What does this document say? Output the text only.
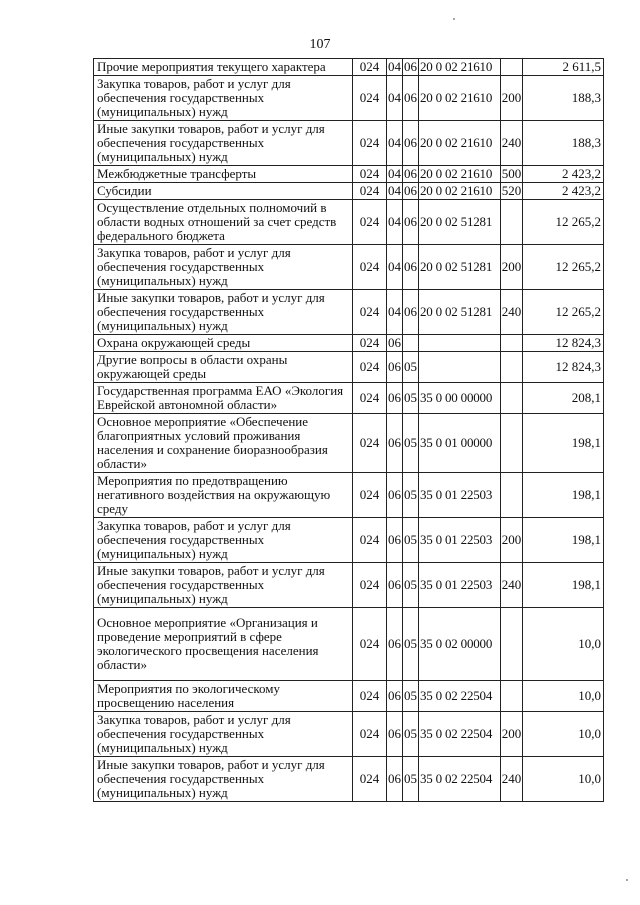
107
Прочие мероприятия текущего характера	024	04	06	20 0 02 21610		2 611,5
Закупка товаров, работ и услуг для обеспечения государственных (муниципальных) нужд	024	04	06	20 0 02 21610	200	188,3
Иные закупки товаров, работ и услуг для обеспечения государственных (муниципальных) нужд	024	04	06	20 0 02 21610	240	188,3
Межбюджетные трансферты	024	04	06	20 0 02 21610	500	2 423,2
Субсидии	024	04	06	20 0 02 21610	520	2 423,2
Осуществление отдельных полномочий в области водных отношений за счет средств федерального бюджета	024	04	06	20 0 02 51281		12 265,2
Закупка товаров, работ и услуг для обеспечения государственных (муниципальных) нужд	024	04	06	20 0 02 51281	200	12 265,2
Иные закупки товаров, работ и услуг для обеспечения государственных (муниципальных) нужд	024	04	06	20 0 02 51281	240	12 265,2
Охрана окружающей среды	024	06				12 824,3
Другие вопросы в области охраны окружающей среды	024	06	05			12 824,3
Государственная программа ЕАО «Экология Еврейской автономной области»	024	06	05	35 0 00 00000		208,1
Основное мероприятие «Обеспечение благоприятных условий проживания населения и сохранение биоразнообразия области»	024	06	05	35 0 01 00000		198,1
Мероприятия по предотвращению негативного воздействия на окружающую среду	024	06	05	35 0 01 22503		198,1
Закупка товаров, работ и услуг для обеспечения государственных (муниципальных) нужд	024	06	05	35 0 01 22503	200	198,1
Иные закупки товаров, работ и услуг для обеспечения государственных (муниципальных) нужд	024	06	05	35 0 01 22503	240	198,1
Основное мероприятие «Организация и проведение мероприятий в сфере экологического просвещения населения области»	024	06	05	35 0 02 00000		10,0
Мероприятия по экологическому просвещению населения	024	06	05	35 0 02 22504		10,0
Закупка товаров, работ и услуг для обеспечения государственных (муниципальных) нужд	024	06	05	35 0 02 22504	200	10,0
Иные закупки товаров, работ и услуг для обеспечения государственных (муниципальных) нужд	024	06	05	35 0 02 22504	240	10,0
